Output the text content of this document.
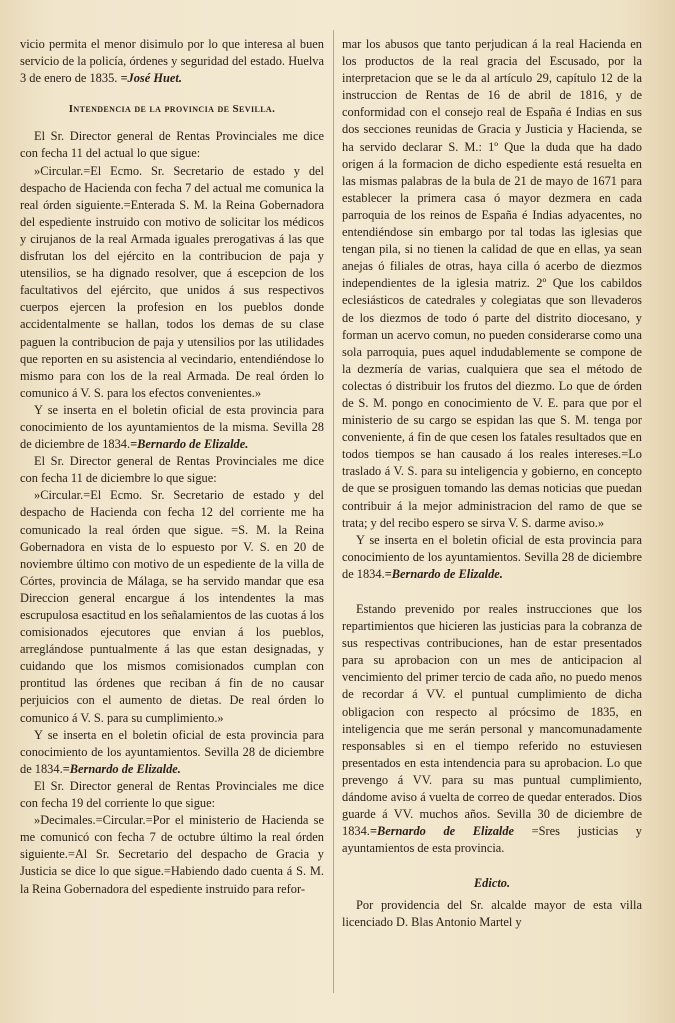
vicio permita el menor disimulo por lo que interesa al buen servicio de la policía, órdenes y seguridad del estado. Huelva 3 de enero de 1835. =José Huet.

Intendencia de la provincia de Sevilla.

El Sr. Director general de Rentas Provinciales me dice con fecha 11 del actual lo que sigue:

»Circular.=El Ecmo. Sr. Secretario de estado y del despacho de Hacienda con fecha 7 del actual me comunica la real órden siguiente.=Enterada S. M. la Reina Gobernadora del espediente instruido con motivo de solicitar los médicos y cirujanos de la real Armada iguales prerogativas á las que disfrutan los del ejército en la contribucion de paja y utensilios, se ha dignado resolver, que á escepcion de los facultativos del ejército, que unidos á sus respectivos cuerpos ejercen la profesion en los pueblos donde accidentalmente se hallan, todos los demas de su clase paguen la contribucion de paja y utensilios por las utilidades que reporten en su asistencia al vecindario, entendiéndose lo mismo para con los de la real Armada. De real órden lo comunico á V. S. para los efectos convenientes.»

Y se inserta en el boletin oficial de esta provincia para conocimiento de los ayuntamientos de la misma. Sevilla 28 de diciembre de 1834.=Bernardo de Elizalde.

El Sr. Director general de Rentas Provinciales me dice con fecha 11 de diciembre lo que sigue:

»Circular.=El Ecmo. Sr. Secretario de estado y del despacho de Hacienda con fecha 12 del corriente me ha comunicado la real órden que sigue. =S. M. la Reina Gobernadora en vista de lo espuesto por V. S. en 20 de noviembre último con motivo de un espediente de la villa de Córtes, provincia de Málaga, se ha servido mandar que esa Direccion general encargue á los intendentes la mas escrupulosa esactitud en los señalamientos de las cuotas á los comisionados ejecutores que envian á los pueblos, arreglándose puntualmente á las que estan designadas, y cuidando que los mismos comisionados cumplan con prontitud las órdenes que reciban á fin de no causar perjuicios con el aumento de dietas. De real órden lo comunico á V. S. para su cumplimiento.»

Y se inserta en el boletin oficial de esta provincia para conocimiento de los ayuntamientos. Sevilla 28 de diciembre de 1834.=Bernardo de Elizalde.

El Sr. Director general de Rentas Provinciales me dice con fecha 19 del corriente lo que sigue:

»Decimales.=Circular.=Por el ministerio de Hacienda se me comunicó con fecha 7 de octubre último la real órden siguiente.=Al Sr. Secretario del despacho de Gracia y Justicia se dice lo que sigue.=Habiendo dado cuenta á S. M. la Reina Gobernadora del espediente instruido para refor-

mar los abusos que tanto perjudican á la real Hacienda en los productos de la real gracia del Escusado, por la interpretacion que se le da al artículo 29, capítulo 12 de la instruccion de Rentas de 16 de abril de 1816, y de conformidad con el consejo real de España é Indias en sus dos secciones reunidas de Gracia y Justicia y Hacienda, se ha servido declarar S. M.: 1º Que la duda que ha dado origen á la formacion de dicho espediente está resuelta en las mismas palabras de la bula de 21 de mayo de 1671 para establecer la primera casa ó mayor dezmera en cada parroquia de los reinos de España é Indias adyacentes, no entendiéndose sin embargo por tal todas las iglesias que tengan pila, si no tienen la calidad de que en ellas, ya sean anejas ó filiales de otras, haya cilla ó acerbo de diezmos independientes de la iglesia matriz. 2º Que los cabildos eclesiásticos de catedrales y colegiatas que son llevaderos de los diezmos de todo ó parte del distrito diocesano, y forman un acervo comun, no pueden considerarse como una sola parroquia, pues aquel indudablemente se compone de la dezmería de varias, cualquiera que sea el método de colectas ó distribuir los frutos del diezmo. Lo que de órden de S. M. pongo en conocimiento de V. E. para que por el ministerio de su cargo se espidan las que S. M. tenga por conveniente, á fin de que cesen los fatales resultados que en todos tiempos se han causado á los reales intereses.=Lo traslado á V. S. para su inteligencia y gobierno, en concepto de que se prosiguen tomando las demas noticias que puedan contribuir á la mejor administracion del ramo de que se trata; y del recibo espero se sirva V. S. darme aviso.»

Y se inserta en el boletin oficial de esta provincia para conocimiento de los ayuntamientos. Sevilla 28 de diciembre de 1834.=Bernardo de Elizalde.

Estando prevenido por reales instrucciones que los repartimientos que hicieren las justicias para la cobranza de sus respectivas contribuciones, han de estar presentados para su aprobacion con un mes de anticipacion al vencimiento del primer tercio de cada año, no puedo menos de recordar á VV. el puntual cumplimiento de dicha obligacion con respecto al prócsimo de 1835, en inteligencia que me serán personal y mancomunadamente responsables si en el tiempo referido no estuviesen presentados en esta intendencia para su aprobacion. Lo que prevengo á VV. para su mas puntual cumplimiento, dándome aviso á vuelta de correo de quedar enterados. Dios guarde á VV. muchos años. Sevilla 30 de diciembre de 1834.=Bernardo de Elizalde =Sres justicias y ayuntamientos de esta provincia.

Edicto.

Por providencia del Sr. alcalde mayor de esta villa licenciado D. Blas Antonio Martel y
